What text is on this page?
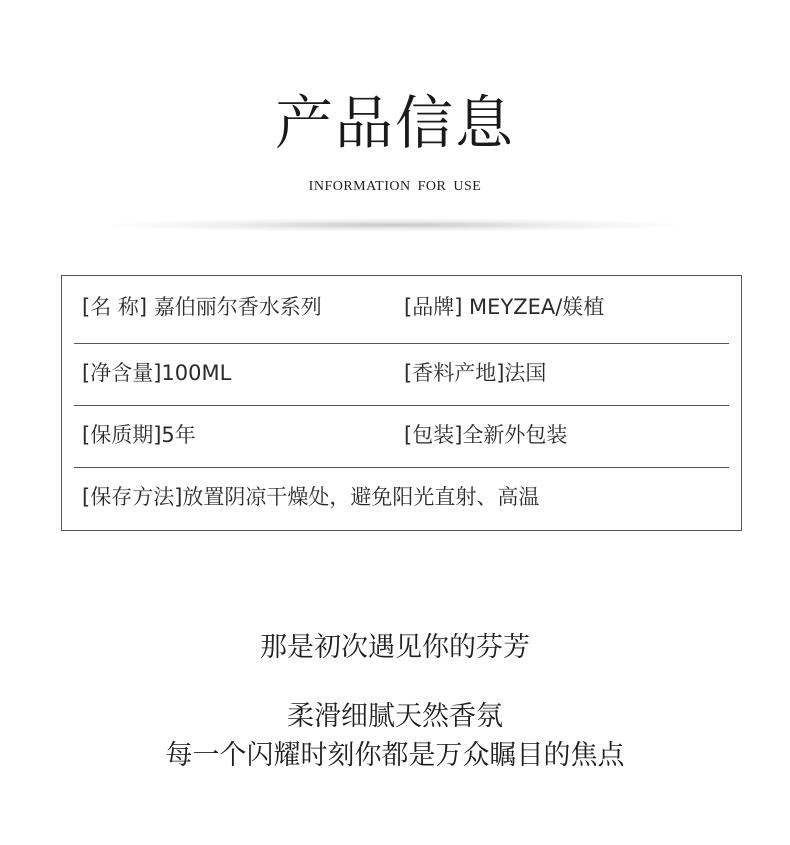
产品信息
INFORMATION FOR USE
[名 称] 嘉伯丽尔香水系列	[品牌] MEYZEA/媄植
[净含量]100ML	[香料产地]法国
[保质期]5年	[包装]全新外包装
[保存方法]放置阴凉干燥处，避免阳光直射、高温
那是初次遇见你的芬芳
柔滑细腻天然香氛
每一个闪耀时刻你都是万众瞩目的焦点
